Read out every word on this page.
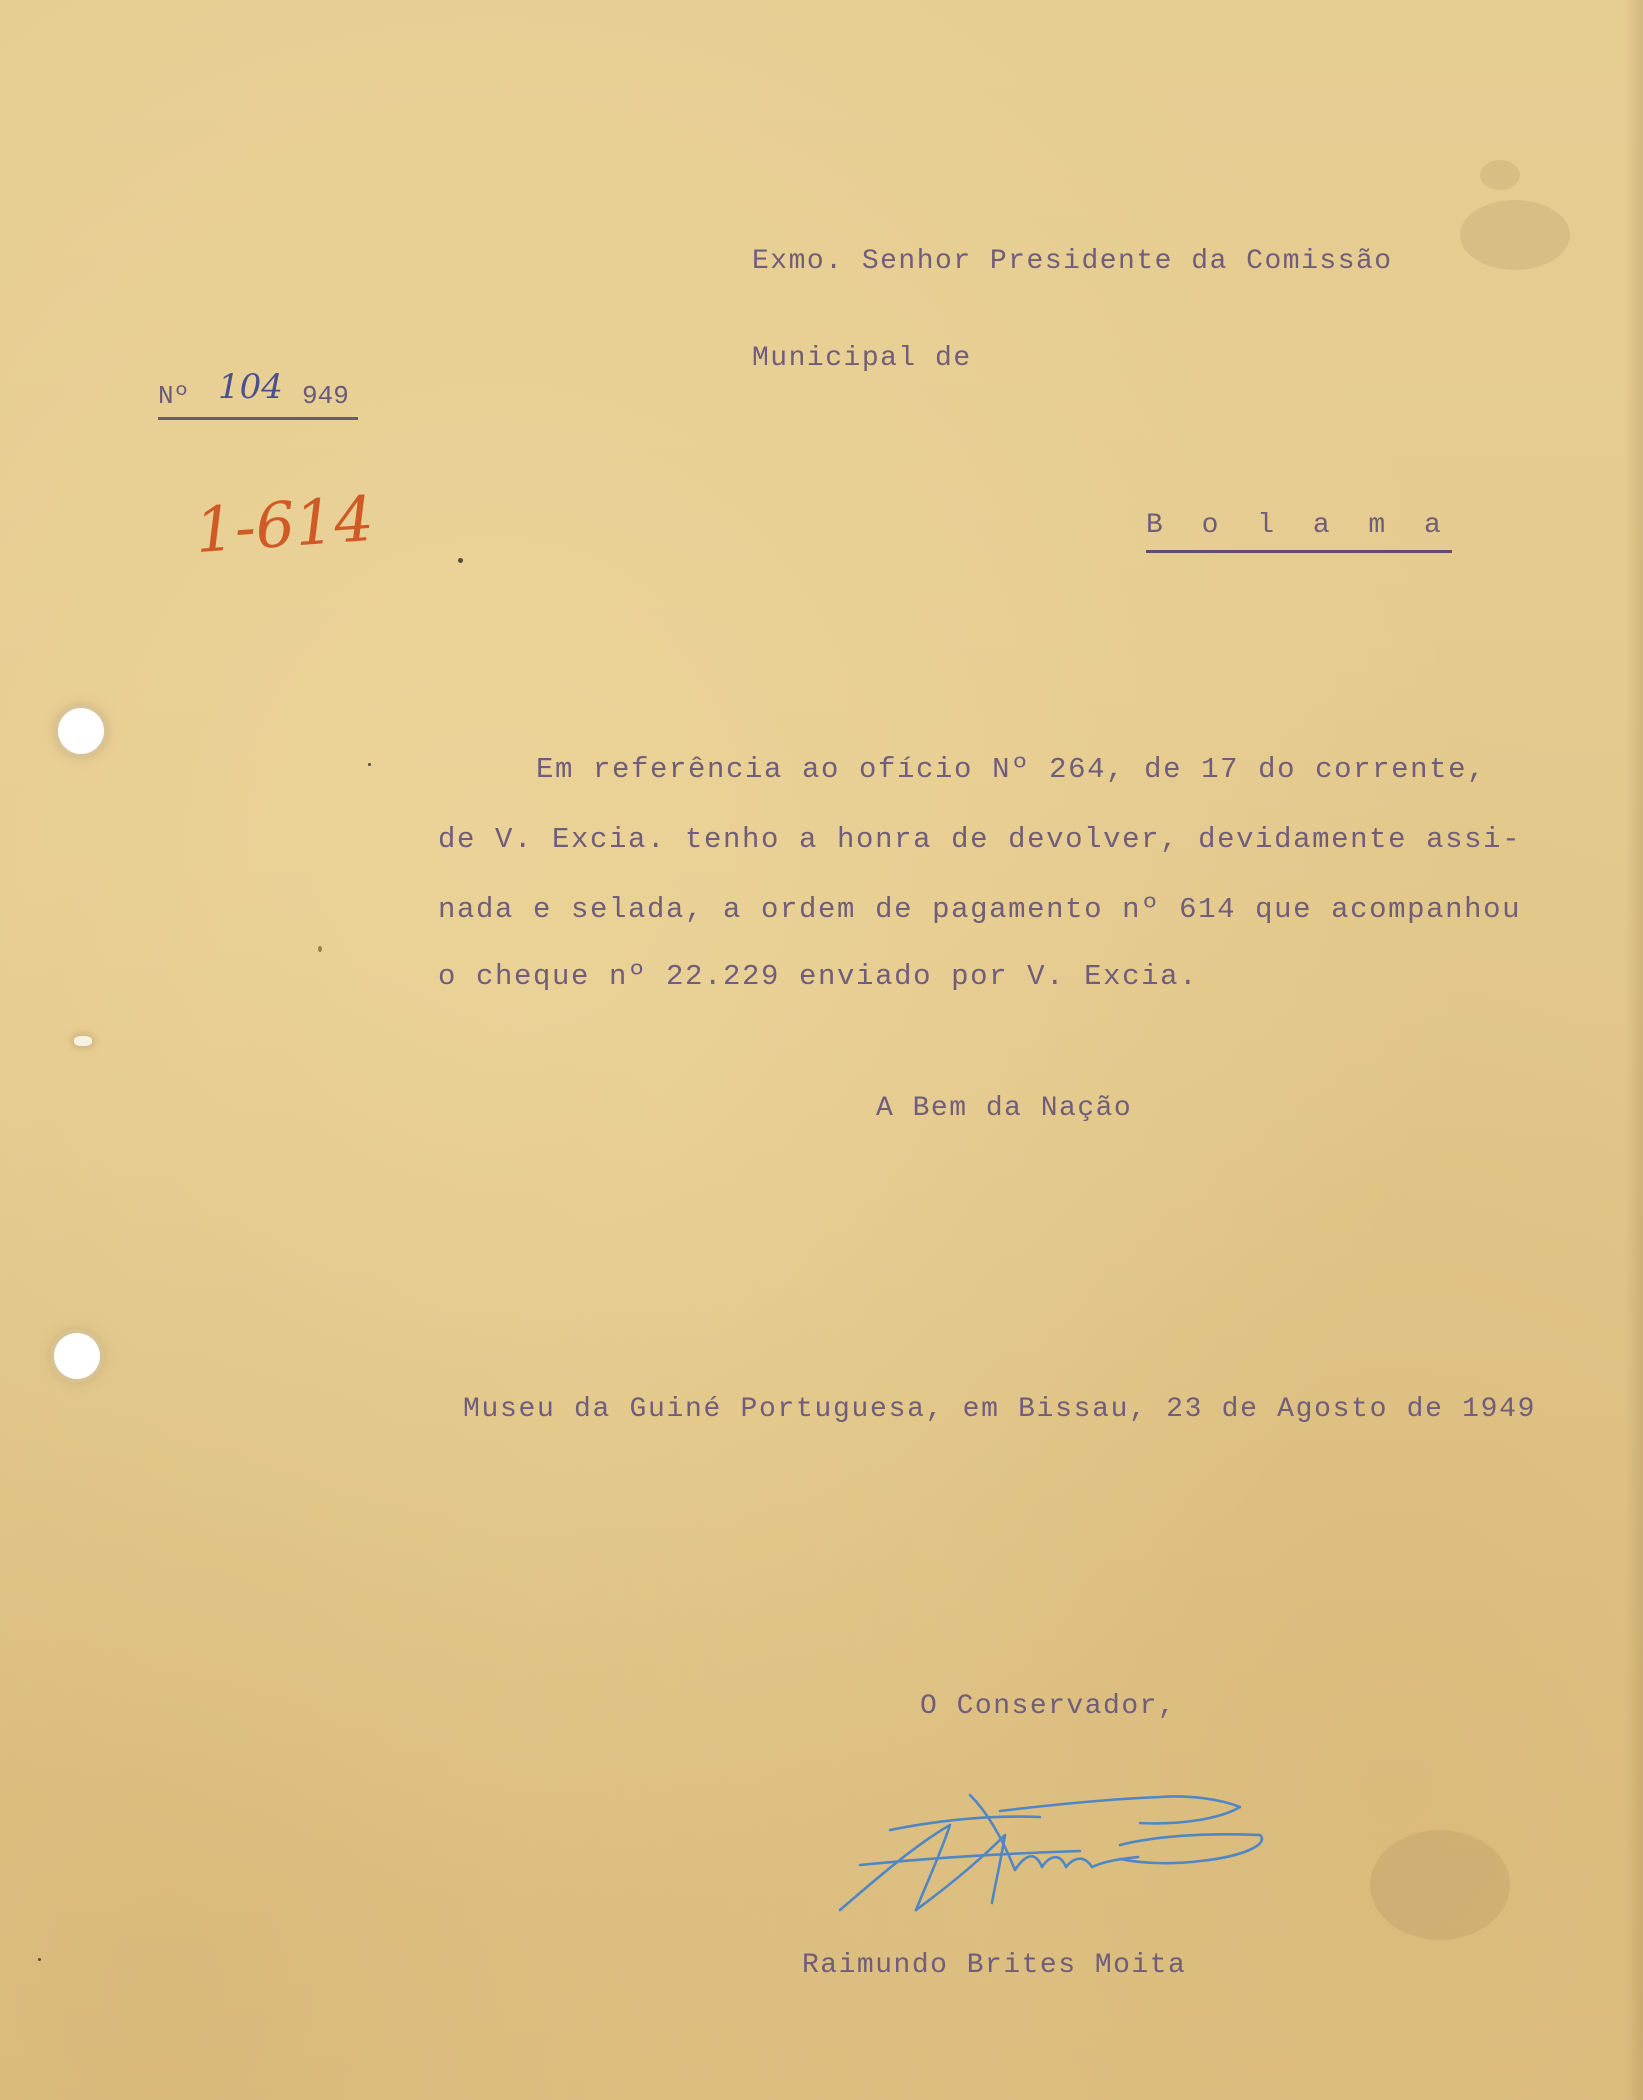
Nº 104 949
1-614
Exmo. Senhor Presidente da Comissão
Municipal de
B o l a m a
Em referência ao ofício Nº 264, de 17 do corrente,
de V. Excia. tenho a honra de devolver, devidamente assi-
nada e selada, a ordem de pagamento nº 614 que acompanhou
o cheque nº 22.229 enviado por V. Excia.
A Bem da Nação
Museu da Guiné Portuguesa, em Bissau, 23 de Agosto de 1949
O Conservador,
Raimundo Brites Moita
